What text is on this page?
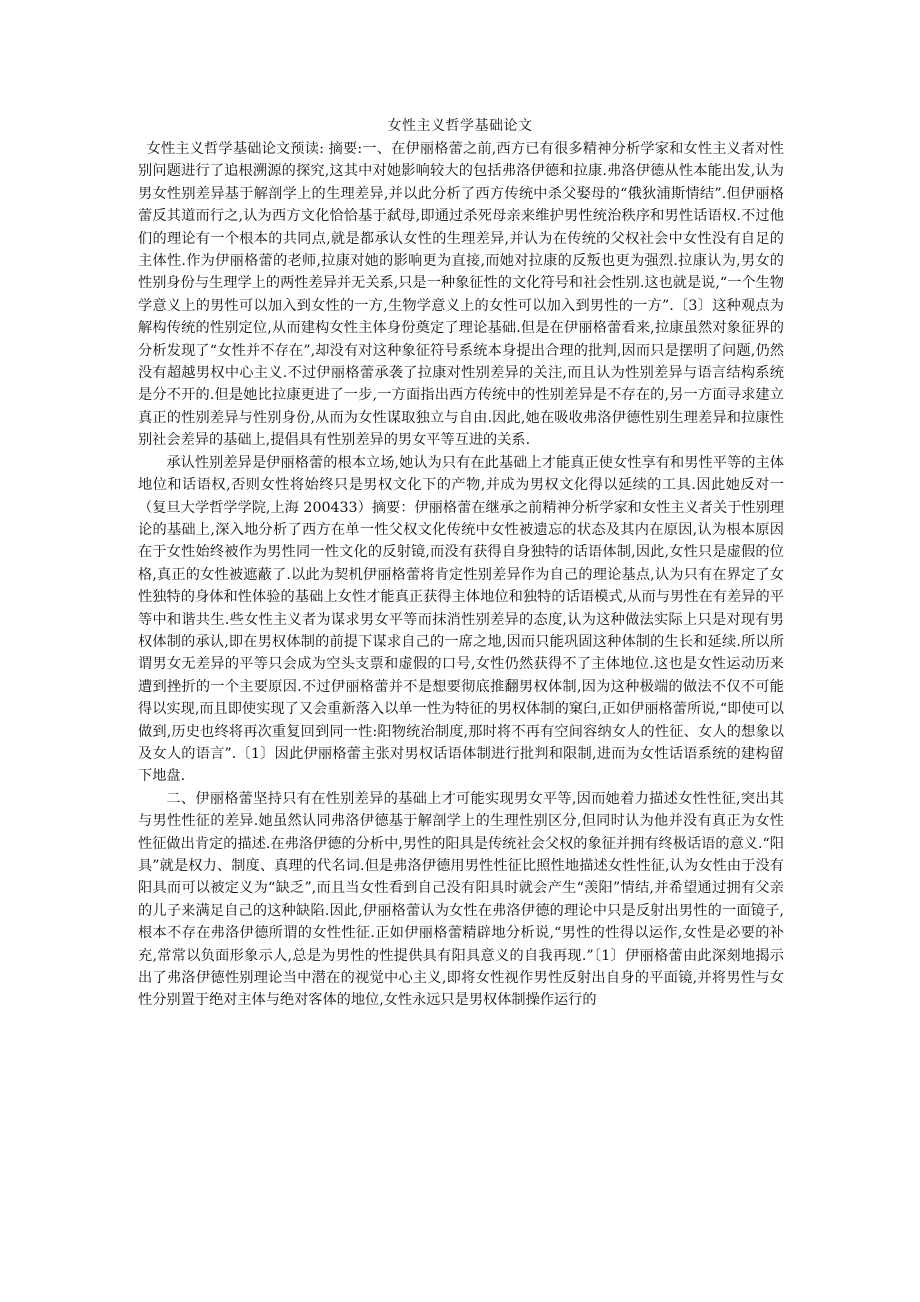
女性主义哲学基础论文

女性主义哲学基础论文预读: 摘要:一、在伊丽格蕾之前,西方已有很多精神分析学家和女性主义者对性别问题进行了追根溯源的探究,这其中对她影响较大的包括弗洛伊德和拉康.弗洛伊德从性本能出发,认为男女性别差异基于解剖学上的生理差异,并以此分析了西方传统中杀父娶母的“俄狄浦斯情结”.但伊丽格蕾反其道而行之,认为西方文化恰恰基于弑母,即通过杀死母亲来维护男性统治秩序和男性话语权.不过他们的理论有一个根本的共同点,就是都承认女性的生理差异,并认为在传统的父权社会中女性没有自足的主体性.作为伊丽格蕾的老师,拉康对她的影响更为直接,而她对拉康的反叛也更为强烈.拉康认为,男女的性别身份与生理学上的两性差异并无关系,只是一种象征性的文化符号和社会性别.这也就是说,“一个生物学意义上的男性可以加入到女性的一方,生物学意义上的女性可以加入到男性的一方”.〔3〕这种观点为解构传统的性别定位,从而建构女性主体身份奠定了理论基础.但是在伊丽格蕾看来,拉康虽然对象征界的分析发现了“女性并不存在”,却没有对这种象征符号系统本身提出合理的批判,因而只是摆明了问题,仍然没有超越男权中心主义.不过伊丽格蕾承袭了拉康对性别差异的关注,而且认为性别差异与语言结构系统是分不开的.但是她比拉康更进了一步,一方面指出西方传统中的性别差异是不存在的,另一方面寻求建立真正的性别差异与性别身份,从而为女性谋取独立与自由.因此,她在吸收弗洛伊德性别生理差异和拉康性别社会差异的基础上,提倡具有性别差异的男女平等互进的关系.

承认性别差异是伊丽格蕾的根本立场,她认为只有在此基础上才能真正使女性享有和男性平等的主体地位和话语权,否则女性将始终只是男权文化下的产物,并成为男权文化得以延续的工具.因此她反对一（复旦大学哲学学院,上海 200433）摘要：伊丽格蕾在继承之前精神分析学家和女性主义者关于性别理论的基础上,深入地分析了西方在单一性父权文化传统中女性被遗忘的状态及其内在原因,认为根本原因在于女性始终被作为男性同一性文化的反射镜,而没有获得自身独特的话语体制,因此,女性只是虚假的位格,真正的女性被遮蔽了.以此为契机伊丽格蕾将肯定性别差异作为自己的理论基点,认为只有在界定了女性独特的身体和性体验的基础上女性才能真正获得主体地位和独特的话语模式,从而与男性在有差异的平等中和谐共生.些女性主义者为谋求男女平等而抹消性别差异的态度,认为这种做法实际上只是对现有男权体制的承认,即在男权体制的前提下谋求自己的一席之地,因而只能巩固这种体制的生长和延续.所以所谓男女无差异的平等只会成为空头支票和虚假的口号,女性仍然获得不了主体地位.这也是女性运动历来遭到挫折的一个主要原因.不过伊丽格蕾并不是想要彻底推翻男权体制,因为这种极端的做法不仅不可能得以实现,而且即使实现了又会重新落入以单一性为特征的男权体制的窠臼,正如伊丽格蕾所说,“即使可以做到,历史也终将再次重复回到同一性:阳物统治制度,那时将不再有空间容纳女人的性征、女人的想象以及女人的语言”.〔1〕因此伊丽格蕾主张对男权话语体制进行批判和限制,进而为女性话语系统的建构留下地盘.

二、伊丽格蕾坚持只有在性别差异的基础上才可能实现男女平等,因而她着力描述女性性征,突出其与男性性征的差异.她虽然认同弗洛伊德基于解剖学上的生理性别区分,但同时认为他并没有真正为女性性征做出肯定的描述.在弗洛伊德的分析中,男性的阳具是传统社会父权的象征并拥有终极话语的意义.“阳具”就是权力、制度、真理的代名词.但是弗洛伊德用男性性征比照性地描述女性性征,认为女性由于没有阳具而可以被定义为“缺乏”,而且当女性看到自己没有阳具时就会产生“羡阳”情结,并希望通过拥有父亲的儿子来满足自己的这种缺陷.因此,伊丽格蕾认为女性在弗洛伊德的理论中只是反射出男性的一面镜子,根本不存在弗洛伊德所谓的女性性征.正如伊丽格蕾精辟地分析说,“男性的性得以运作,女性是必要的补充,常常以负面形象示人,总是为男性的性提供具有阳具意义的自我再现.”〔1〕伊丽格蕾由此深刻地揭示出了弗洛伊德性别理论当中潜在的视觉中心主义,即将女性视作男性反射出自身的平面镜,并将男性与女性分别置于绝对主体与绝对客体的地位,女性永远只是男权体制操作运行的
